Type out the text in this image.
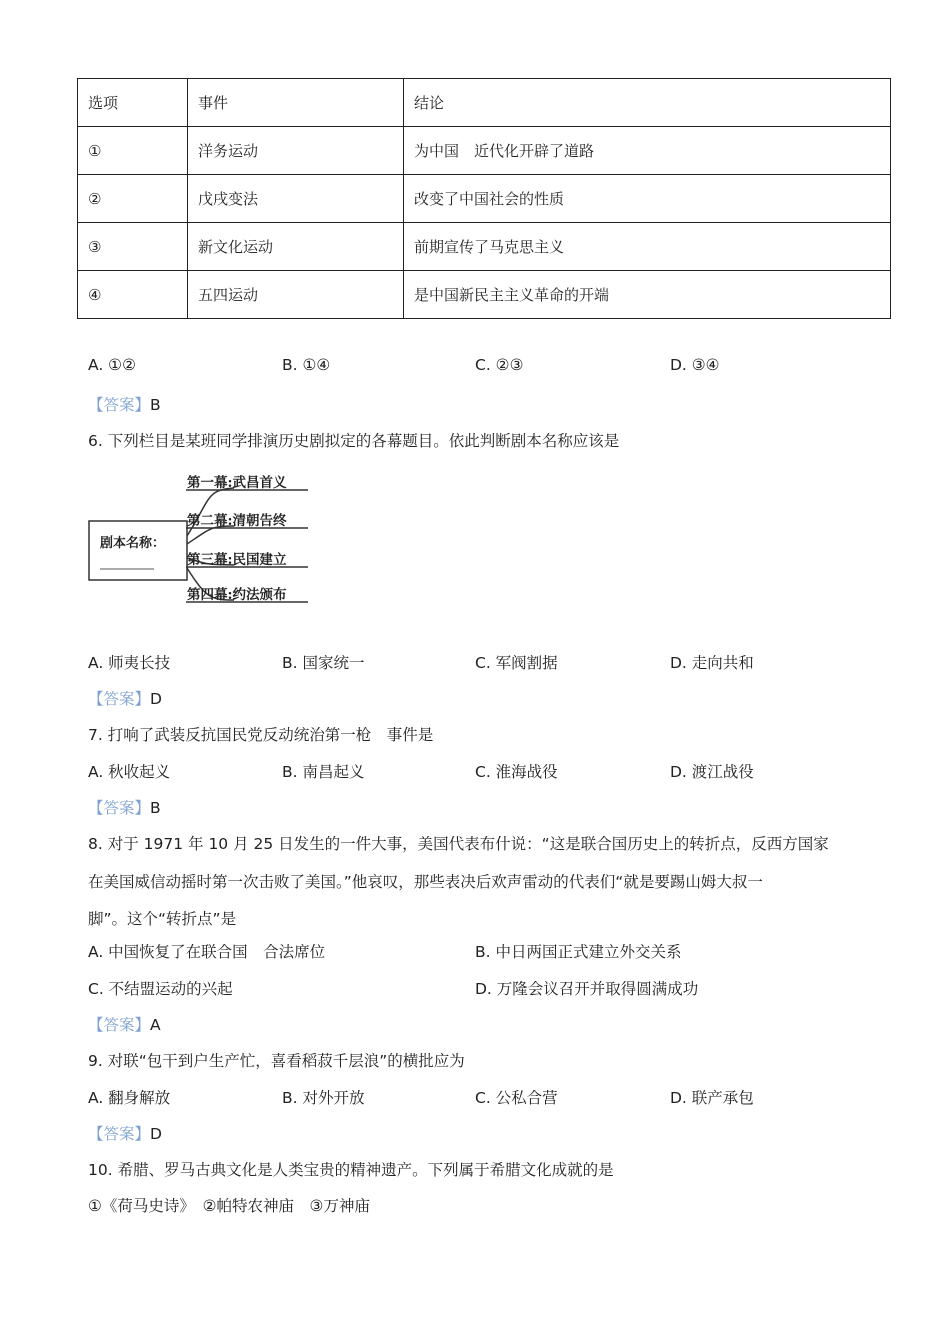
选项	事件	结论
①	洋务运动	为中国　近代化开辟了道路
②	戊戌变法	改变了中国社会的性质
③	新文化运动	前期宣传了马克思主义
④	五四运动	是中国新民主主义革命的开端
A. ①②	B. ①④	C. ②③	D. ③④
【答案】B
6. 下列栏目是某班同学排演历史剧拟定的各幕题目。依此判断剧本名称应该是
剧本名称：
第一幕:武昌首义
第二幕:清朝告终
第三幕:民国建立
第四幕:约法颁布
A. 师夷长技	B. 国家统一	C. 军阀割据	D. 走向共和
【答案】D
7. 打响了武装反抗国民党反动统治第一枪　事件是
A. 秋收起义	B. 南昌起义	C. 淮海战役	D. 渡江战役
【答案】B
8. 对于 1971 年 10 月 25 日发生的一件大事，美国代表布什说：“这是联合国历史上的转折点，反西方国家
在美国威信动摇时第一次击败了美国。”他哀叹，那些表决后欢声雷动的代表们“就是要踢山姆大叔一
脚”。这个“转折点”是
A. 中国恢复了在联合国　合法席位	B. 中日两国正式建立外交关系
C. 不结盟运动的兴起	D. 万隆会议召开并取得圆满成功
【答案】A
9. 对联“包干到户生产忙，喜看稻菽千层浪”的横批应为
A. 翻身解放	B. 对外开放	C. 公私合营	D. 联产承包
【答案】D
10. 希腊、罗马古典文化是人类宝贵的精神遗产。下列属于希腊文化成就的是
①《荷马史诗》　②帕特农神庙　③万神庙
